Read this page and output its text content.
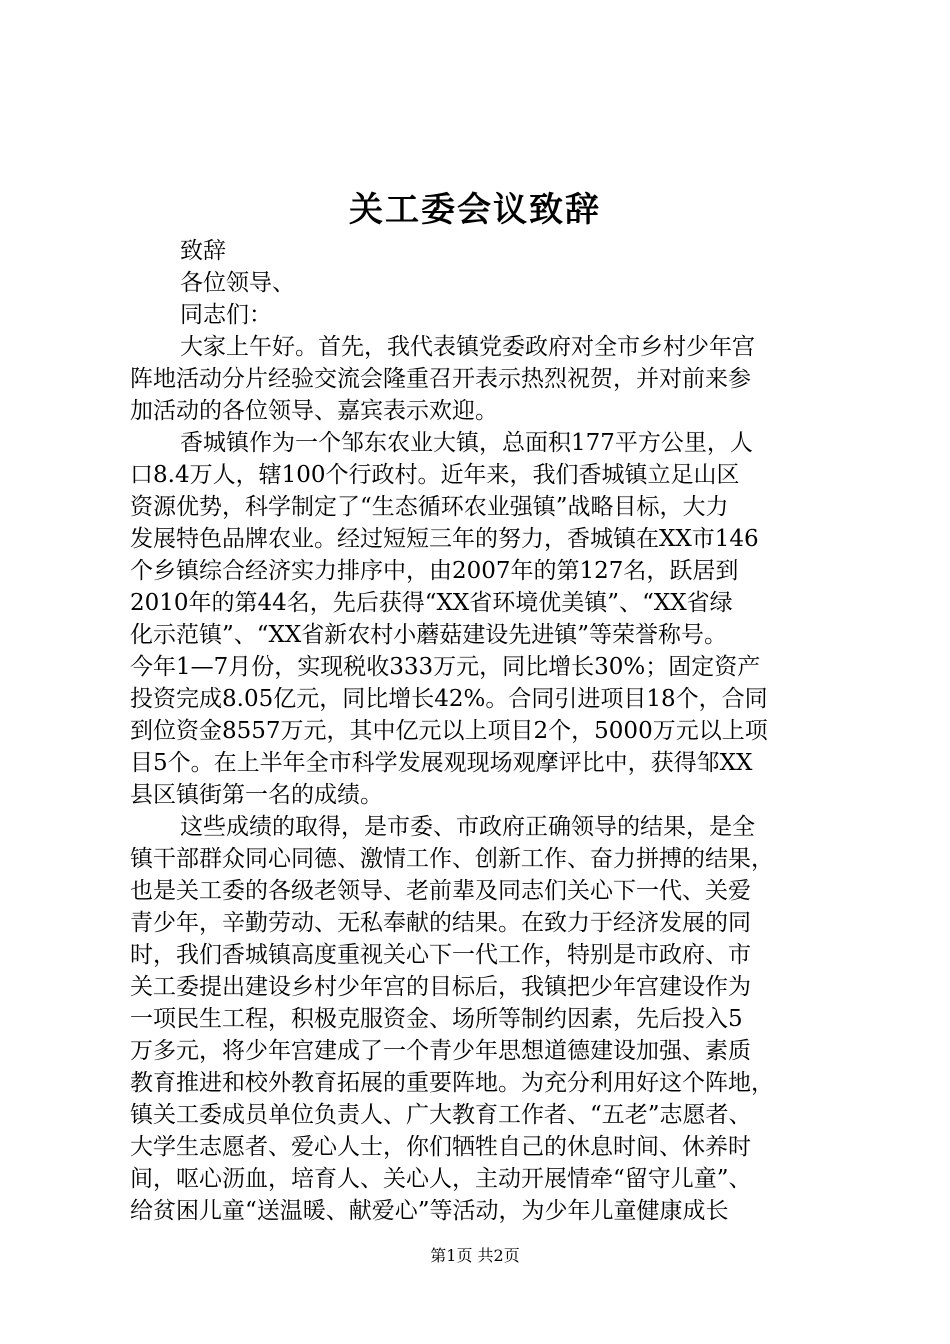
关工委会议致辞
致辞
各位领导、
同志们：
大家上午好。首先，我代表镇党委政府对全市乡村少年宫
阵地活动分片经验交流会隆重召开表示热烈祝贺，并对前来参
加活动的各位领导、嘉宾表示欢迎。
香城镇作为一个邹东农业大镇，总面积177平方公里，人
口8.4万人，辖100个行政村。近年来，我们香城镇立足山区
资源优势，科学制定了“生态循环农业强镇”战略目标，大力
发展特色品牌农业。经过短短三年的努力，香城镇在XX市146
个乡镇综合经济实力排序中，由2007年的第127名，跃居到
2010年的第44名，先后获得“XX省环境优美镇”、“XX省绿
化示范镇”、“XX省新农村小蘑菇建设先进镇”等荣誉称号。
今年1—7月份，实现税收333万元，同比增长30%；固定资产
投资完成8.05亿元，同比增长42%。合同引进项目18个，合同
到位资金8557万元，其中亿元以上项目2个，5000万元以上项
目5个。在上半年全市科学发展观现场观摩评比中，获得邹XX
县区镇街第一名的成绩。
这些成绩的取得，是市委、市政府正确领导的结果，是全
镇干部群众同心同德、激情工作、创新工作、奋力拼搏的结果，
也是关工委的各级老领导、老前辈及同志们关心下一代、关爱
青少年，辛勤劳动、无私奉献的结果。在致力于经济发展的同
时，我们香城镇高度重视关心下一代工作，特别是市政府、市
关工委提出建设乡村少年宫的目标后，我镇把少年宫建设作为
一项民生工程，积极克服资金、场所等制约因素，先后投入5
万多元，将少年宫建成了一个青少年思想道德建设加强、素质
教育推进和校外教育拓展的重要阵地。为充分利用好这个阵地，
镇关工委成员单位负责人、广大教育工作者、“五老”志愿者、
大学生志愿者、爱心人士，你们牺牲自己的休息时间、休养时
间，呕心沥血，培育人、关心人，主动开展情牵“留守儿童”、
给贫困儿童“送温暖、献爱心”等活动，为少年儿童健康成长
第1页 共2页
